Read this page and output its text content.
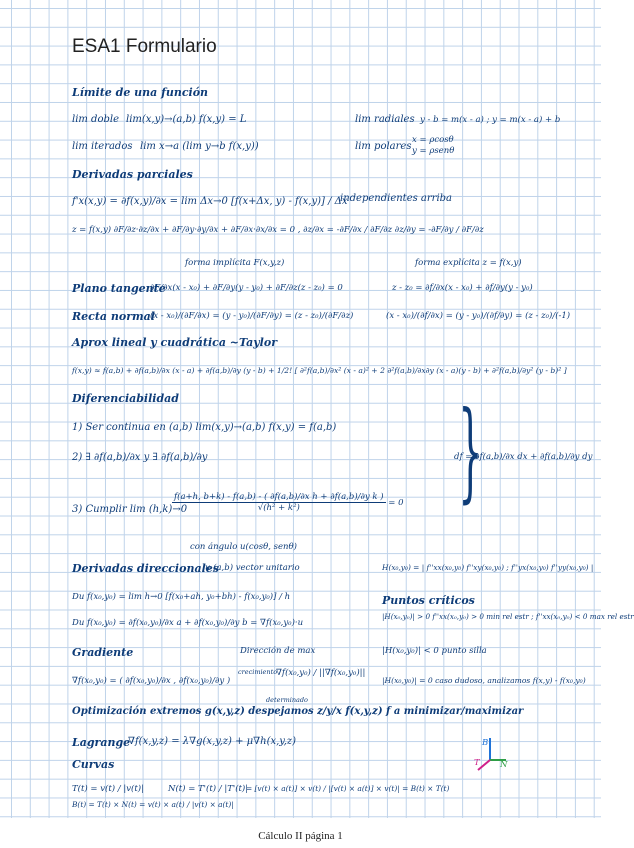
ESA1 Formulario
Límite de una función
lim doble lim(x,y)→(a,b) f(x,y) = L
lim iterados lim x→a (lim y→b f(x,y))
lim radiales y - b = m(x - a) ; y = m(x - a) + b
lim polares
x = ρcosθ
y = ρsenθ
Derivadas parciales
f'x(x,y) = ∂f(x,y)/∂x = lim Δx→0 [f(x+Δx, y) - f(x,y)] / Δx
independientes arriba
z = f(x,y) ∂F/∂z·∂z/∂x + ∂F/∂y·∂y/∂x + ∂F/∂x·∂x/∂x = 0 , ∂z/∂x = -∂F/∂x / ∂F/∂z ∂z/∂y = -∂F/∂y / ∂F/∂z
forma implícita F(x,y,z)	forma explícita z = f(x,y)
Plano tangente
∂F/∂x(x - x₀) + ∂F/∂y(y - y₀) + ∂F/∂z(z - z₀) = 0	z - z₀ = ∂f/∂x(x - x₀) + ∂f/∂y(y - y₀)
Recta normal
(x - x₀)/(∂F/∂x) = (y - y₀)/(∂F/∂y) = (z - z₀)/(∂F/∂z)	(x - x₀)/(∂f/∂x) = (y - y₀)/(∂f/∂y) = (z - z₀)/(-1)
Aprox lineal y cuadrática ~Taylor
f(x,y) ≈ f(a,b) + ∂f(a,b)/∂x (x - a) + ∂f(a,b)/∂y (y - b) + 1/2! [ ∂²f(a,b)/∂x² (x - a)² + 2 ∂²f(a,b)/∂x∂y (x - a)(y - b) + ∂²f(a,b)/∂y² (y - b)² ]
Diferenciabilidad
1) Ser continua en (a,b) lim(x,y)→(a,b) f(x,y) = f(a,b)
2) ∃ ∂f(a,b)/∂x y ∃ ∂f(a,b)/∂y
3) Cumplir lim (h,k)→0
$\frac{\text{f(a+h, b+k) - f(a,b) - ( ∂f(a,b)/∂x h + ∂f(a,b)/∂y k )}}{\text{√(h² + k²)}} = 0$ }
df = ∂f(a,b)/∂x dx + ∂f(a,b)/∂y dy
con ángulo u(cosθ, senθ)
Derivadas direccionales
u (a,b) vector unitario
Du f(x₀,y₀) = lim h→0 [f(x₀+ah, y₀+bh) - f(x₀,y₀)] / h
Du f(x₀,y₀) = ∂f(x₀,y₀)/∂x a + ∂f(x₀,y₀)/∂y b = ∇f(x₀,y₀)·u
H(x₀,y₀) = | f''xx(x₀,y₀) f''xy(x₀,y₀) ; f''yx(x₀,y₀) f''yy(x₀,y₀) |
Puntos críticos
|H(x₀,y₀)| > 0 f''xx(x₀,y₀) > 0 min rel estr ; f''xx(x₀,y₀) < 0 max rel estr
|H(x₀,y₀)| < 0 punto silla
|H(x₀,y₀)| = 0 caso dudoso, analizamos f(x,y) - f(x₀,y₀)
Gradiente	Dirección de max
∇f(x₀,y₀) = ( ∂f(x₀,y₀)/∂x , ∂f(x₀,y₀)/∂y )
crecimiento
∇f(x₀,y₀) / ||∇f(x₀,y₀)||
determinado
Optimización extremos g(x,y,z) despejamos z/y/x f(x,y,z) f a minimizar/maximizar
Lagrange
∇f(x,y,z) = λ∇g(x,y,z) + μ∇h(x,y,z)
T N
B
Curvas
T(t) = v(t) / |v(t)|	N(t) = T'(t) / |T'(t)|
= [v(t) × a(t)] × v(t) / |[v(t) × a(t)] × v(t)| = B(t) × T(t)
B(t) = T(t) × N(t) = v(t) × a(t) / |v(t) × a(t)|
Cálculo II página 1
